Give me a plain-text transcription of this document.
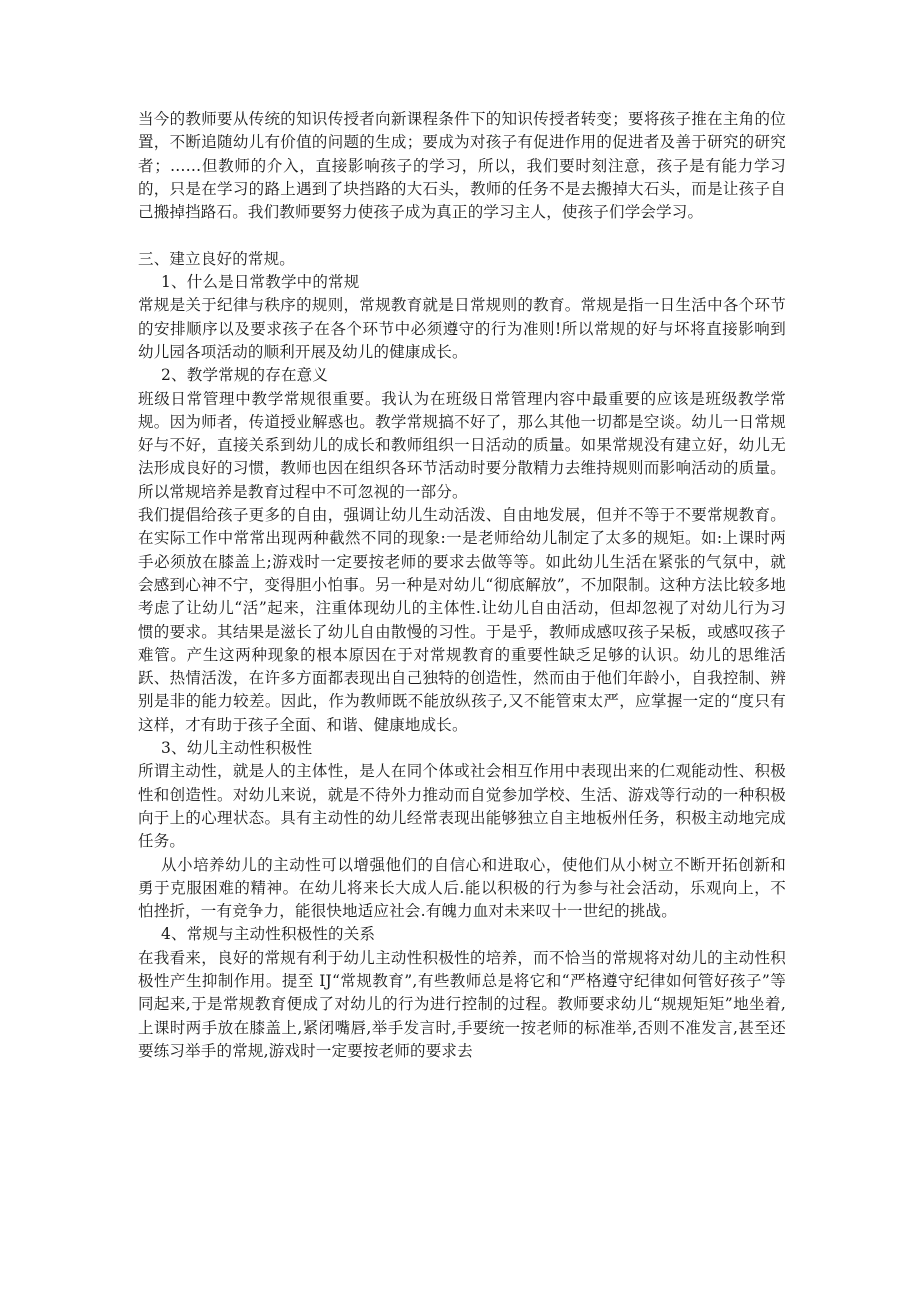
当今的教师要从传统的知识传授者向新课程条件下的知识传授者转变；要将孩子推在主角的位置，不断追随幼儿有价值的问题的生成；要成为对孩子有促进作用的促进者及善于研究的研究者；……但教师的介入，直接影响孩子的学习，所以，我们要时刻注意，孩子是有能力学习的，只是在学习的路上遇到了块挡路的大石头，教师的任务不是去搬掉大石头，而是让孩子自己搬掉挡路石。我们教师要努力使孩子成为真正的学习主人，使孩子们学会学习。

三、建立良好的常规。

1、什么是日常教学中的常规

常规是关于纪律与秩序的规则，常规教育就是日常规则的教育。常规是指一日生活中各个环节的安排顺序以及要求孩子在各个环节中必须遵守的行为准则!所以常规的好与坏将直接影响到幼儿园各项活动的顺利开展及幼儿的健康成长。

2、教学常规的存在意义

班级日常管理中教学常规很重要。我认为在班级日常管理内容中最重要的应该是班级教学常规。因为师者，传道授业解惑也。教学常规搞不好了，那么其他一切都是空谈。幼儿一日常规好与不好，直接关系到幼儿的成长和教师组织一日活动的质量。如果常规没有建立好，幼儿无法形成良好的习惯，教师也因在组织各环节活动时要分散精力去维持规则而影响活动的质量。所以常规培养是教育过程中不可忽视的一部分。

我们提倡给孩子更多的自由，强调让幼儿生动活泼、自由地发展，但并不等于不要常规教育。在实际工作中常常出现两种截然不同的现象:一是老师给幼儿制定了太多的规矩。如:上课时两手必须放在膝盖上;游戏时一定要按老师的要求去做等等。如此幼儿生活在紧张的气氛中，就会感到心神不宁，变得胆小怕事。另一种是对幼儿“彻底解放”，不加限制。这种方法比较多地考虑了让幼儿“活”起来，注重体现幼儿的主体性.让幼儿自由活动，但却忽视了对幼儿行为习惯的要求。其结果是滋长了幼儿自由散慢的习性。于是乎，教师成感叹孩子呆板，或感叹孩子难管。产生这两种现象的根本原因在于对常规教育的重要性缺乏足够的认识。幼儿的思维活跃、热情活泼，在许多方面都表现出自己独特的创造性，然而由于他们年龄小，自我控制、辨别是非的能力较差。因此，作为教师既不能放纵孩子,又不能管束太严，应掌握一定的“度只有这样，才有助于孩子全面、和谐、健康地成长。

3、幼儿主动性积极性

所谓主动性，就是人的主体性，是人在同个体或社会相互作用中表现出来的仁观能动性、积极性和创造性。对幼儿来说，就是不待外力推动而自觉参加学校、生活、游戏等行动的一种积极向于上的心理状态。具有主动性的幼儿经常表现出能够独立自主地板州任务，积极主动地完成任务。

从小培养幼儿的主动性可以增强他们的自信心和进取心，使他们从小树立不断开拓创新和勇于克服困难的精神。在幼儿将来长大成人后.能以积极的行为参与社会活动，乐观向上，不怕挫折，一有竞争力，能很快地适应社会.有魄力血对未来叹十一世纪的挑战。

4、常规与主动性积极性的关系

在我看来，良好的常规有利于幼儿主动性积极性的培养，而不恰当的常规将对幼儿的主动性积极性产生抑制作用。提至 IJ“常规教育”,有些教师总是将它和“严格遵守纪律如何管好孩子”等同起来,于是常规教育便成了对幼儿的行为进行控制的过程。教师要求幼儿“规规矩矩”地坐着,上课时两手放在膝盖上,紧闭嘴唇,举手发言时,手要统一按老师的标准举,否则不准发言,甚至还要练习举手的常规,游戏时一定要按老师的要求去
